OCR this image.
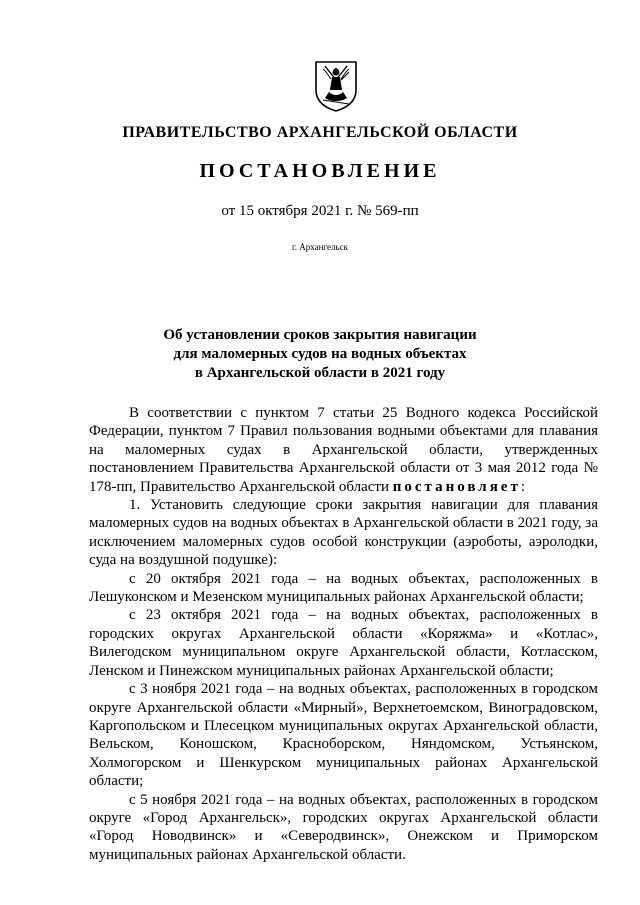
ПРАВИТЕЛЬСТВО АРХАНГЕЛЬСКОЙ ОБЛАСТИ
ПОСТАНОВЛЕНИЕ
от 15 октября 2021 г. № 569-пп
г. Архангельск
Об установлении сроков закрытия навигации
для маломерных судов на водных объектах
в Архангельской области в 2021 году

В соответствии с пунктом 7 статьи 25 Водного кодекса Российской Федерации, пунктом 7 Правил пользования водными объектами для плавания на маломерных судах в Архангельской области, утвержденных постановлением Правительства Архангельской области от 3 мая 2012 года № 178-пп, Правительство Архангельской области постановляет:

1. Установить следующие сроки закрытия навигации для плавания маломерных судов на водных объектах в Архангельской области в 2021 году, за исключением маломерных судов особой конструкции (аэроботы, аэролодки, суда на воздушной подушке):

с 20 октября 2021 года – на водных объектах, расположенных в Лешуконском и Мезенском муниципальных районах Архангельской области;

с 23 октября 2021 года – на водных объектах, расположенных в городских округах Архангельской области «Коряжма» и «Котлас», Вилегодском муниципальном округе Архангельской области, Котласском, Ленском и Пинежском муниципальных районах Архангельской области;

с 3 ноября 2021 года – на водных объектах, расположенных в городском округе Архангельской области «Мирный», Верхнетоемском, Виноградовском, Каргопольском и Плесецком муниципальных округах Архангельской области, Вельском, Коношском, Красноборском, Няндомском, Устьянском, Холмогорском и Шенкурском муниципальных районах Архангельской области;

с 5 ноября 2021 года – на водных объектах, расположенных в городском округе «Город Архангельск», городских округах Архангельской области «Город Новодвинск» и «Северодвинск», Онежском и Приморском муниципальных районах Архангельской области.
